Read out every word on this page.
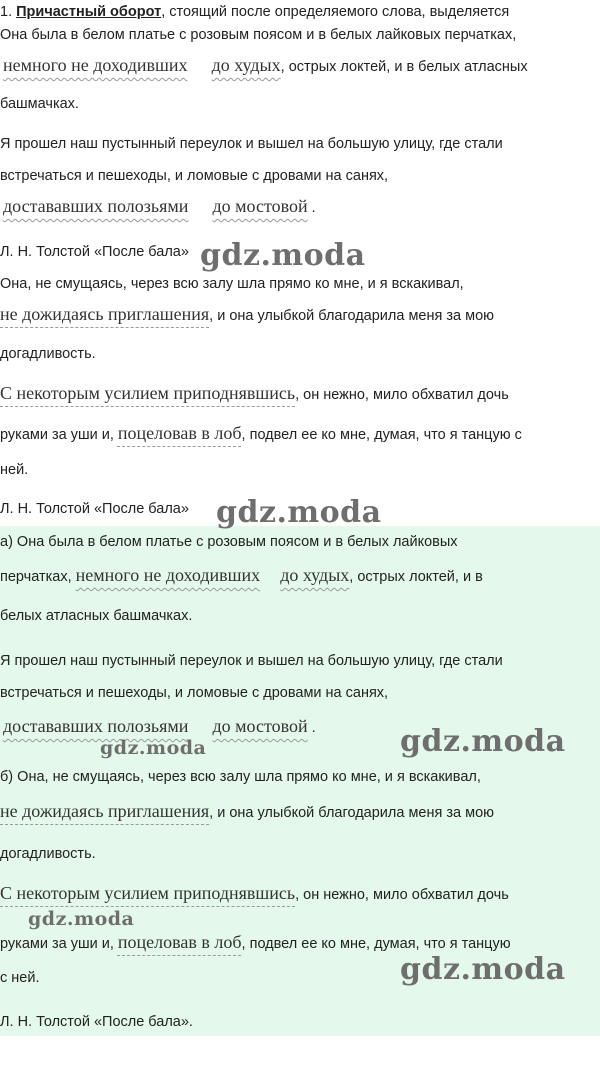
1. Причастный оборот, стоящий после определяемого слова, выделяется
Она была в белом платье с розовым поясом и в белых лайковых перчатках,
немного не доходивших до худых, острых локтей, и в белых атласных
башмачках.
Я прошел наш пустынный переулок и вышел на большую улицу, где стали
встречаться и пешеходы, и ломовые с дровами на санях,
достававших полозьями до мостовой .
Л. Н. Толстой «После бала» gdz.moda
Она, не смущаясь, через всю залу шла прямо ко мне, и я вскакивал,
не дожидаясь приглашения, и она улыбкой благодарила меня за мою
догадливость.
С некоторым усилием приподнявшись, он нежно, мило обхватил дочь
руками за уши и, поцеловав в лоб, подвел ее ко мне, думая, что я танцую с
ней.
Л. Н. Толстой «После бала» gdz.moda
а) Она была в белом платье с розовым поясом и в белых лайковых
перчатках, немного не доходивших до худых, острых локтей, и в
белых атласных башмачках.
Я прошел наш пустынный переулок и вышел на большую улицу, где стали
встречаться и пешеходы, и ломовые с дровами на санях,
достававших полозьями до мостовой .
gdz.moda	gdz.moda
б) Она, не смущаясь, через всю залу шла прямо ко мне, и я вскакивал,
не дожидаясь приглашения, и она улыбкой благодарила меня за мою
догадливость.
С некоторым усилием приподнявшись, он нежно, мило обхватил дочь
gdz.moda
руками за уши и, поцеловав в лоб, подвел ее ко мне, думая, что я танцую
с ней.	gdz.moda
Л. Н. Толстой «После бала».
